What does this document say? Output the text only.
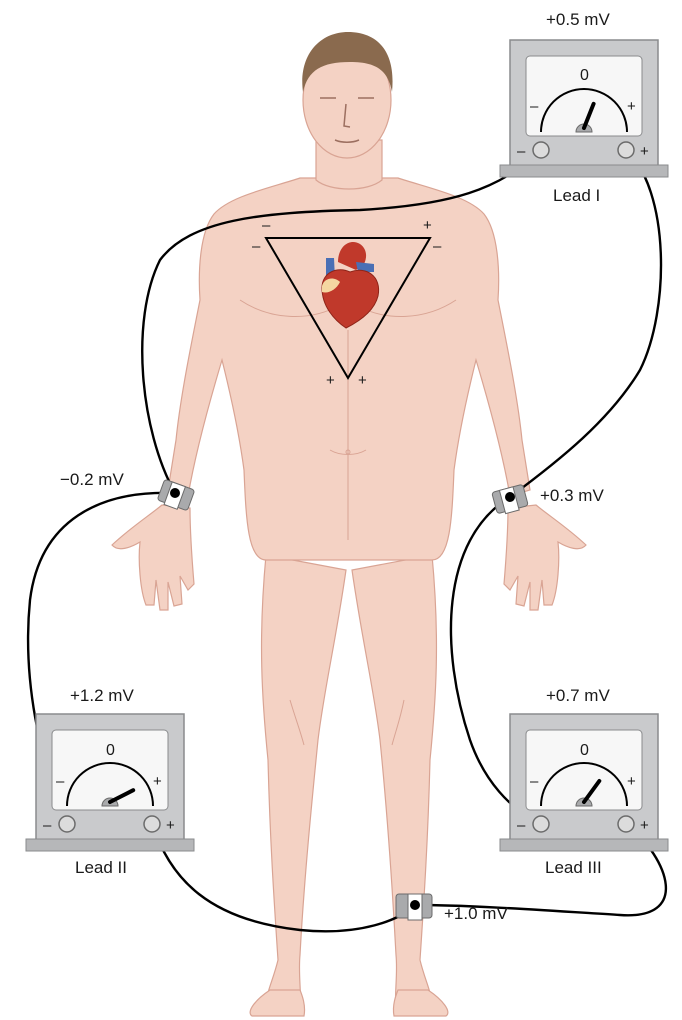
–
–
+
–
+ +
0
–	+
–	+
0
–	+
–	+
0
–	+
–	+
+0.5 mV
Lead I
+1.2 mV
Lead II
+0.7 mV
Lead III
−0.2 mV
+0.3 mV
+1.0 mV
